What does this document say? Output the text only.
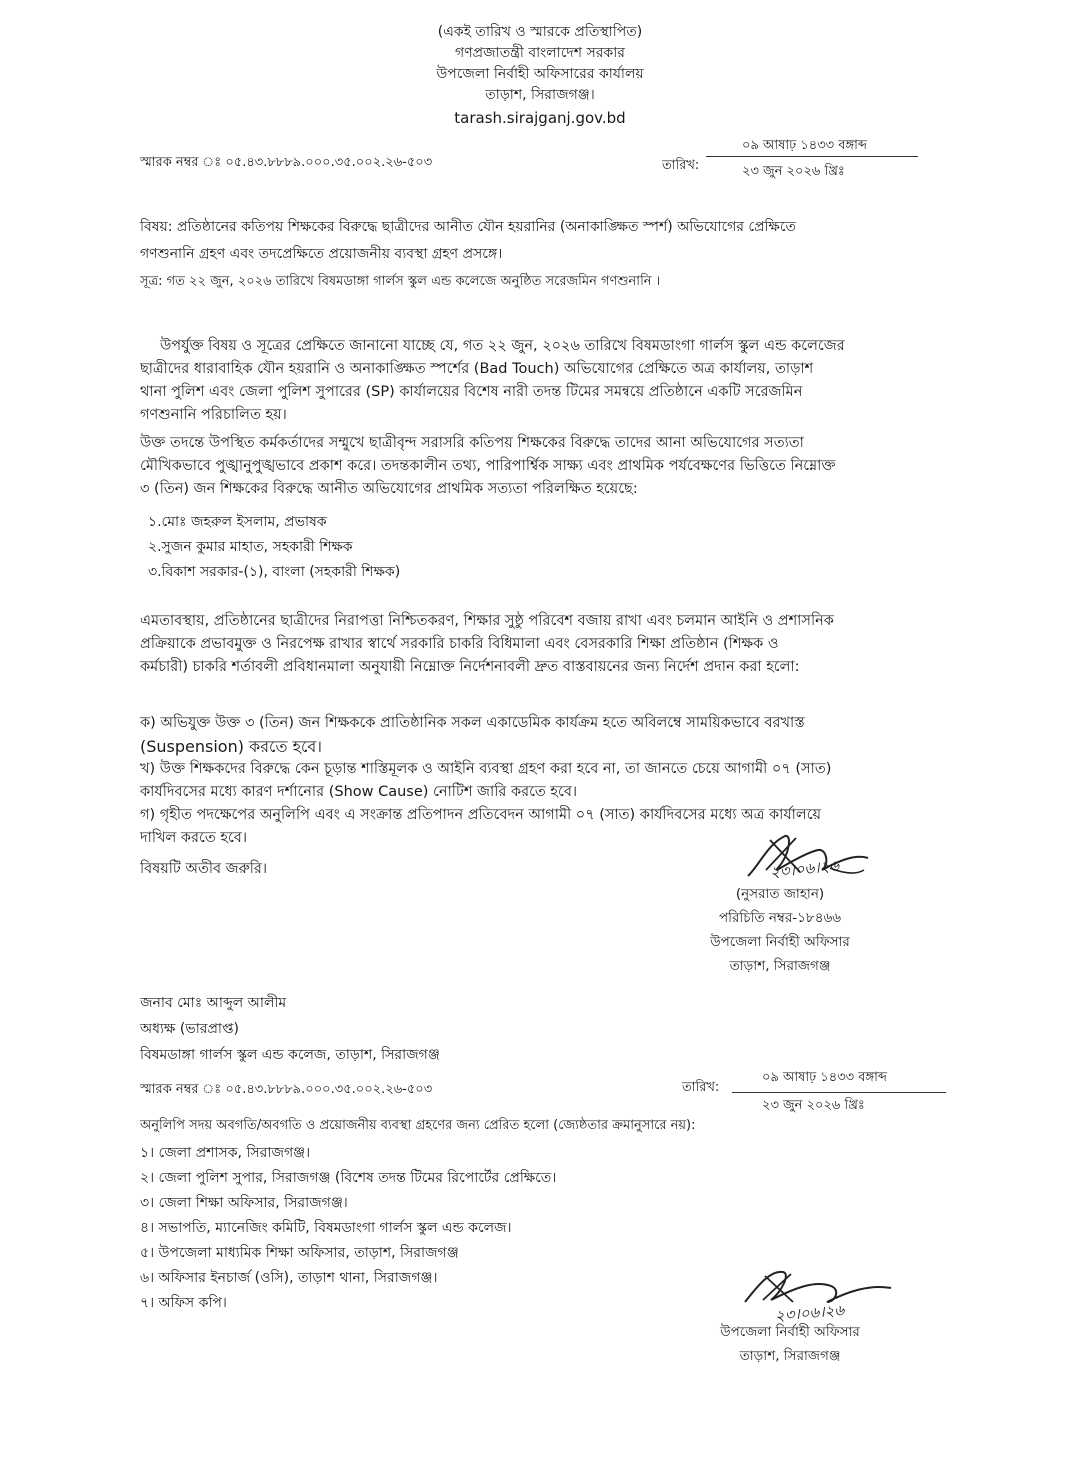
(একই তারিখ ও স্মারকে প্রতিস্থাপিত)
গণপ্রজাতন্ত্রী বাংলাদেশ সরকার
উপজেলা নির্বাহী অফিসারের কার্যালয়
তাড়াশ, সিরাজগঞ্জ।
tarash.sirajganj.gov.bd
স্মারক নম্বর ঃ ০৫.৪৩.৮৮৮৯.০০০.৩৫.০০২.২৬-৫০৩	তারিখ:
০৯ আষাঢ় ১৪৩৩ বঙ্গাব্দ
২৩ জুন ২০২৬ খ্রিঃ
বিষয়: প্রতিষ্ঠানের কতিপয় শিক্ষকের বিরুদ্ধে ছাত্রীদের আনীত যৌন হয়রানির (অনাকাঙ্ক্ষিত স্পর্শ) অভিযোগের প্রেক্ষিতে
গণশুনানি গ্রহণ এবং তদপ্রেক্ষিতে প্রয়োজনীয় ব্যবস্থা গ্রহণ প্রসঙ্গে।
সূত্র: গত ২২ জুন, ২০২৬ তারিখে বিষমডাঙ্গা গার্লস স্কুল এন্ড কলেজে অনুষ্ঠিত সরেজমিন গণশুনানি ।
উপর্যুক্ত বিষয় ও সূত্রের প্রেক্ষিতে জানানো যাচ্ছে যে, গত ২২ জুন, ২০২৬ তারিখে বিষমডাংগা গার্লস স্কুল এন্ড কলেজের
ছাত্রীদের ধারাবাহিক যৌন হয়রানি ও অনাকাঙ্ক্ষিত স্পর্শের (Bad Touch) অভিযোগের প্রেক্ষিতে অত্র কার্যালয়, তাড়াশ
থানা পুলিশ এবং জেলা পুলিশ সুপারের (SP) কার্যালয়ের বিশেষ নারী তদন্ত টিমের সমন্বয়ে প্রতিষ্ঠানে একটি সরেজমিন
গণশুনানি পরিচালিত হয়।
উক্ত তদন্তে উপস্থিত কর্মকর্তাদের সম্মুখে ছাত্রীবৃন্দ সরাসরি কতিপয় শিক্ষকের বিরুদ্ধে তাদের আনা অভিযোগের সত্যতা
মৌখিকভাবে পুঙ্খানুপুঙ্খভাবে প্রকাশ করে। তদন্তকালীন তথ্য, পারিপার্শ্বিক সাক্ষ্য এবং প্রাথমিক পর্যবেক্ষণের ভিত্তিতে নিম্নোক্ত
৩ (তিন) জন শিক্ষকের বিরুদ্ধে আনীত অভিযোগের প্রাথমিক সত্যতা পরিলক্ষিত হয়েছে:
১.মোঃ জহরুল ইসলাম, প্রভাষক
২.সুজন কুমার মাহাত, সহকারী শিক্ষক
৩.বিকাশ সরকার-(১), বাংলা (সহকারী শিক্ষক)
এমতাবস্থায়, প্রতিষ্ঠানের ছাত্রীদের নিরাপত্তা নিশ্চিতকরণ, শিক্ষার সুষ্ঠু পরিবেশ বজায় রাখা এবং চলমান আইনি ও প্রশাসনিক
প্রক্রিয়াকে প্রভাবমুক্ত ও নিরপেক্ষ রাখার স্বার্থে সরকারি চাকরি বিধিমালা এবং বেসরকারি শিক্ষা প্রতিষ্ঠান (শিক্ষক ও
কর্মচারী) চাকরি শর্তাবলী প্রবিধানমালা অনুযায়ী নিম্নোক্ত নির্দেশনাবলী দ্রুত বাস্তবায়নের জন্য নির্দেশ প্রদান করা হলো:
ক) অভিযুক্ত উক্ত ৩ (তিন) জন শিক্ষককে প্রাতিষ্ঠানিক সকল একাডেমিক কার্যক্রম হতে অবিলম্বে সাময়িকভাবে বরখাস্ত
(Suspension) করতে হবে।
খ) উক্ত শিক্ষকদের বিরুদ্ধে কেন চূড়ান্ত শাস্তিমূলক ও আইনি ব্যবস্থা গ্রহণ করা হবে না, তা জানতে চেয়ে আগামী ০৭ (সাত)
কার্যদিবসের মধ্যে কারণ দর্শানোর (Show Cause) নোটিশ জারি করতে হবে।
গ) গৃহীত পদক্ষেপের অনুলিপি এবং এ সংক্রান্ত প্রতিপাদন প্রতিবেদন আগামী ০৭ (সাত) কার্যদিবসের মধ্যে অত্র কার্যালয়ে
দাখিল করতে হবে।
বিষয়টি অতীব জরুরি।	২৩।০৬।২৬
(নুসরাত জাহান)
পরিচিতি নম্বর-১৮৪৬৬
উপজেলা নির্বাহী অফিসার
তাড়াশ, সিরাজগঞ্জ
জনাব মোঃ আব্দুল আলীম
অধ্যক্ষ (ভারপ্রাপ্ত)
বিষমডাঙ্গা গার্লস স্কুল এন্ড কলেজ, তাড়াশ, সিরাজগঞ্জ
স্মারক নম্বর ঃ ০৫.৪৩.৮৮৮৯.০০০.৩৫.০০২.২৬-৫০৩	তারিখ:
০৯ আষাঢ় ১৪৩৩ বঙ্গাব্দ
২৩ জুন ২০২৬ খ্রিঃ
অনুলিপি সদয় অবগতি/অবগতি ও প্রয়োজনীয় ব্যবস্থা গ্রহণের জন্য প্রেরিত হলো (জ্যেষ্ঠতার ক্রমানুসারে নয়):
১। জেলা প্রশাসক, সিরাজগঞ্জ।
২। জেলা পুলিশ সুপার, সিরাজগঞ্জ (বিশেষ তদন্ত টিমের রিপোর্টের প্রেক্ষিতে।
৩। জেলা শিক্ষা অফিসার, সিরাজগঞ্জ।
৪। সভাপতি, ম্যানেজিং কমিটি, বিষমডাংগা গার্লস স্কুল এন্ড কলেজ।
৫। উপজেলা মাধ্যমিক শিক্ষা অফিসার, তাড়াশ, সিরাজগঞ্জ
৬। অফিসার ইনচার্জ (ওসি), তাড়াশ থানা, সিরাজগঞ্জ।
৭। অফিস কপি।	২৩।০৬।২৬
উপজেলা নির্বাহী অফিসার
তাড়াশ, সিরাজগঞ্জ
